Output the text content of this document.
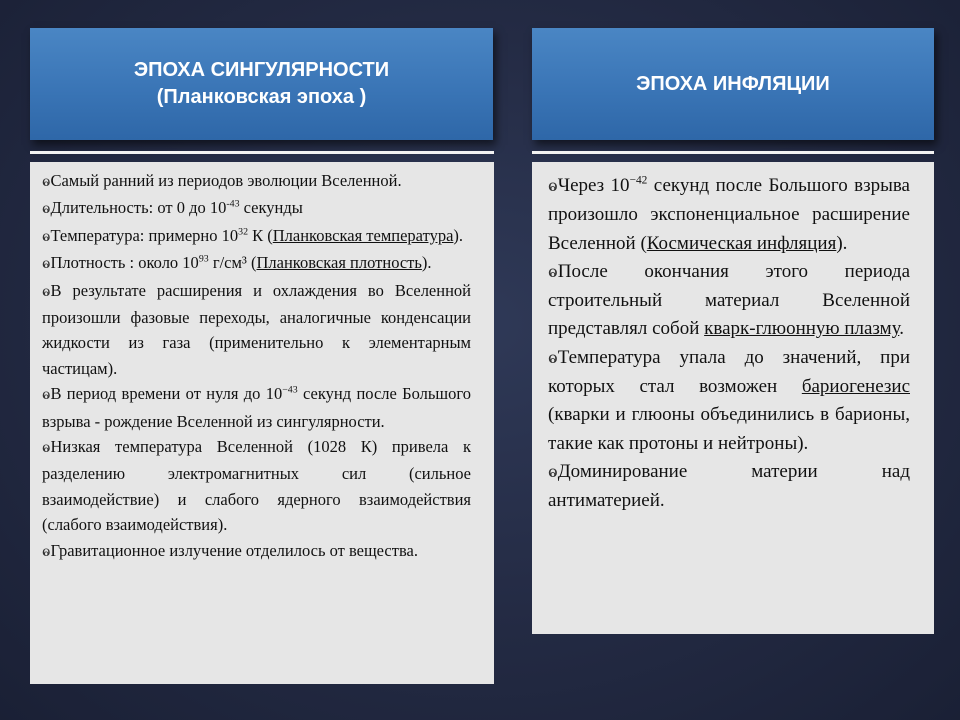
ЭПОХА СИНГУЛЯРНОСТИ
(Планковская эпоха )
ЭПОХА ИНФЛЯЦИИ

ⱺСамый ранний из периодов эволюции Вселенной.

ⱺДлительность: от 0 до $10^{-43}$ секунды

ⱺТемпература: примерно $10^{32}$ К (Планковская температура).

ⱺПлотность : около $10^{93}$ г/см³ (Планковская плотность).

ⱺВ результате расширения и охлаждения во Вселенной произошли фазовые переходы, аналогичные конденсации жидкости из газа (применительно к элементарным частицам).

ⱺВ период времени от нуля до $10^{-43}$ секунд после Большого взрыва - рождение Вселенной из сингулярности.

ⱺНизкая температура Вселенной (1028 К) привела к разделению электромагнитных сил (сильное взаимодействие) и слабого ядерного взаимодействия (слабого взаимодействия).

ⱺГравитационное излучение отделилось от вещества.

ⱺЧерез $10^{-42}$ секунд после Большого взрыва произошло экспоненциальное расширение Вселенной (Космическая инфляция).

ⱺПосле окончания этого периода строительный материал Вселенной представлял собой кварк-глюонную плазму.

ⱺТемпература упала до значений, при которых стал возможен бариогенезис (кварки и глюоны объединились в барионы, такие как протоны и нейтроны).

ⱺДоминирование материи над антиматерией.
